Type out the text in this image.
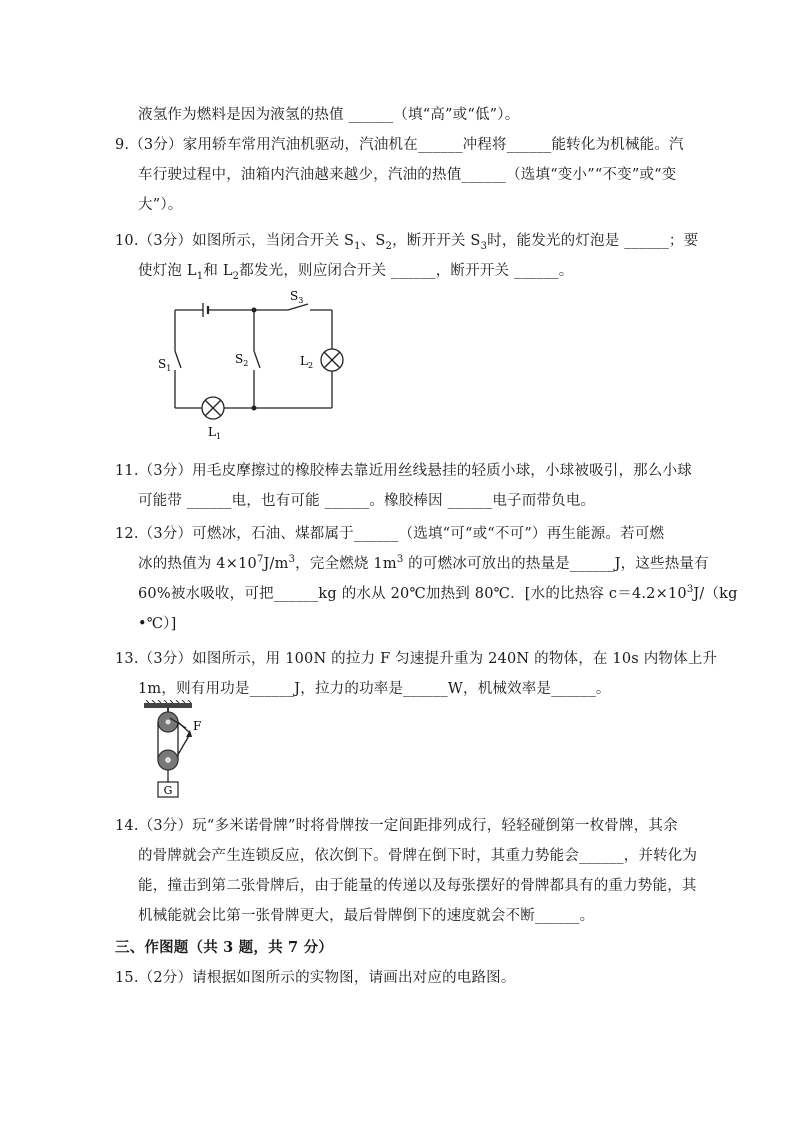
液氢作为燃料是因为液氢的热值 ______（填“高”或“低”）。
9.（3分）家用轿车常用汽油机驱动，汽油机在______冲程将______能转化为机械能。汽
车行驶过程中，油箱内汽油越来越少，汽油的热值______（选填“变小”“不变”或“变
大”）。
10.（3分）如图所示，当闭合开关 $S_1$、$S_2$，断开开关 $S_3$时，能发光的灯泡是 ______；要
使灯泡 $L_1$和 $L_2$都发光，则应闭合开关 ______，断开开关 ______。
$S_3$
$S_1$
$S_2$	$L_2$
$L_1$
11.（3分）用毛皮摩擦过的橡胶棒去靠近用丝线悬挂的轻质小球，小球被吸引，那么小球
可能带 ______电，也有可能 ______。橡胶棒因 ______电子而带负电。
12.（3分）可燃冰，石油、煤都属于______（选填“可“或“不可”）再生能源。若可燃
冰的热值为 $4\times 10^7J/m^3$，完全燃烧 $1m^3$ 的可燃冰可放出的热量是______J，这些热量有
60%被水吸收，可把______kg 的水从 20℃加热到 80℃．[水的比热容 $c=4.2\times 10^3J/(kg$
•℃）]
13.（3分）如图所示，用 100N 的拉力 F 匀速提升重为 240N 的物体，在 10s 内物体上升
1m，则有用功是______J，拉力的功率是______W，机械效率是______。
F
G
14.（3分）玩“多米诺骨牌”时将骨牌按一定间距排列成行，轻轻碰倒第一枚骨牌，其余
的骨牌就会产生连锁反应，依次倒下。骨牌在倒下时，其重力势能会______，并转化为
能，撞击到第二张骨牌后，由于能量的传递以及每张摆好的骨牌都具有的重力势能，其
机械能就会比第一张骨牌更大，最后骨牌倒下的速度就会不断______。
三、作图题（共 3 题，共 7 分）
15.（2分）请根据如图所示的实物图，请画出对应的电路图。
